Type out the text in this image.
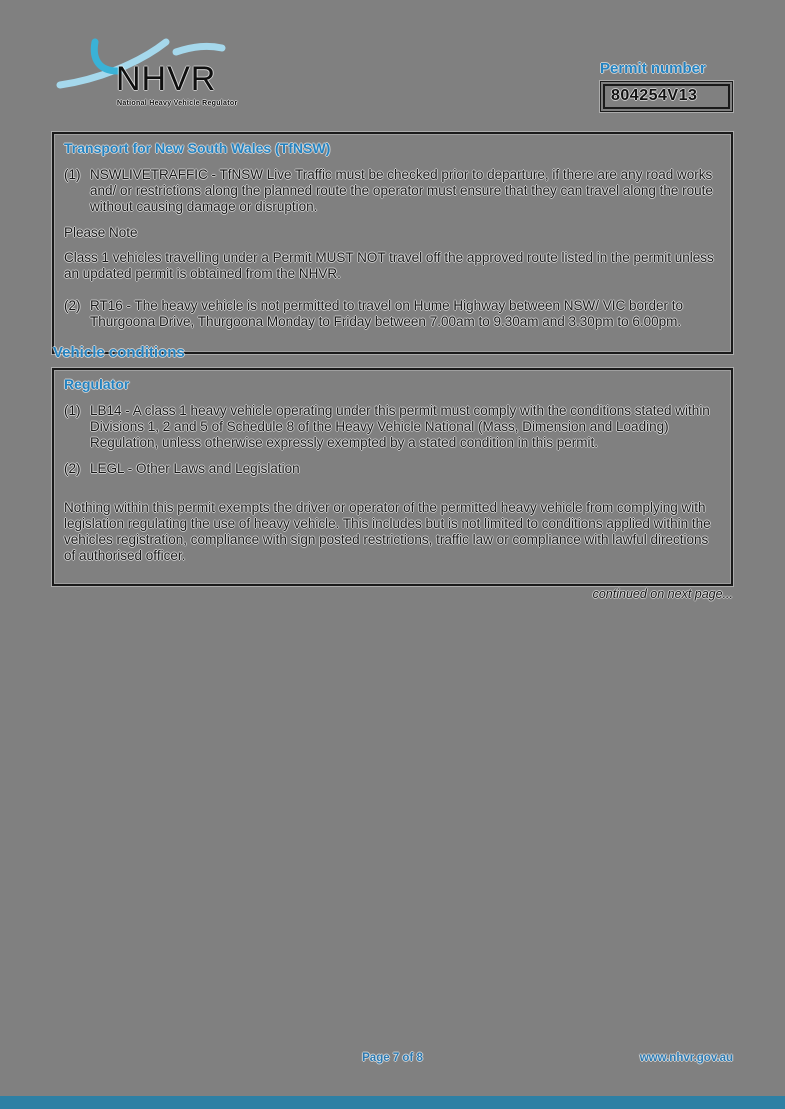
NHVR
National Heavy Vehicle Regulator
Permit number
804254V13
Transport for New South Wales (TfNSW)
(1) NSWLIVETRAFFIC - TfNSW Live Traffic must be checked prior to departure, if there are any road works and/ or restrictions along the planned route the operator must ensure that they can travel along the route without causing damage or disruption.
Please Note
Class 1 vehicles travelling under a Permit MUST NOT travel off the approved route listed in the permit unless an updated permit is obtained from the NHVR.
(2) RT16 - The heavy vehicle is not permitted to travel on Hume Highway between NSW/ VIC border to Thurgoona Drive, Thurgoona Monday to Friday between 7.00am to 9.30am and 3.30pm to 6.00pm.
Vehicle conditions
Regulator
(1) LB14 - A class 1 heavy vehicle operating under this permit must comply with the conditions stated within Divisions 1, 2 and 5 of Schedule 8 of the Heavy Vehicle National (Mass, Dimension and Loading) Regulation, unless otherwise expressly exempted by a stated condition in this permit.
(2) LEGL - Other Laws and Legislation
Nothing within this permit exempts the driver or operator of the permitted heavy vehicle from complying with legislation regulating the use of heavy vehicle. This includes but is not limited to conditions applied within the vehicles registration, compliance with sign posted restrictions, traffic law or compliance with lawful directions of authorised officer.
continued on next page...
Page 7 of 8	www.nhvr.gov.au
